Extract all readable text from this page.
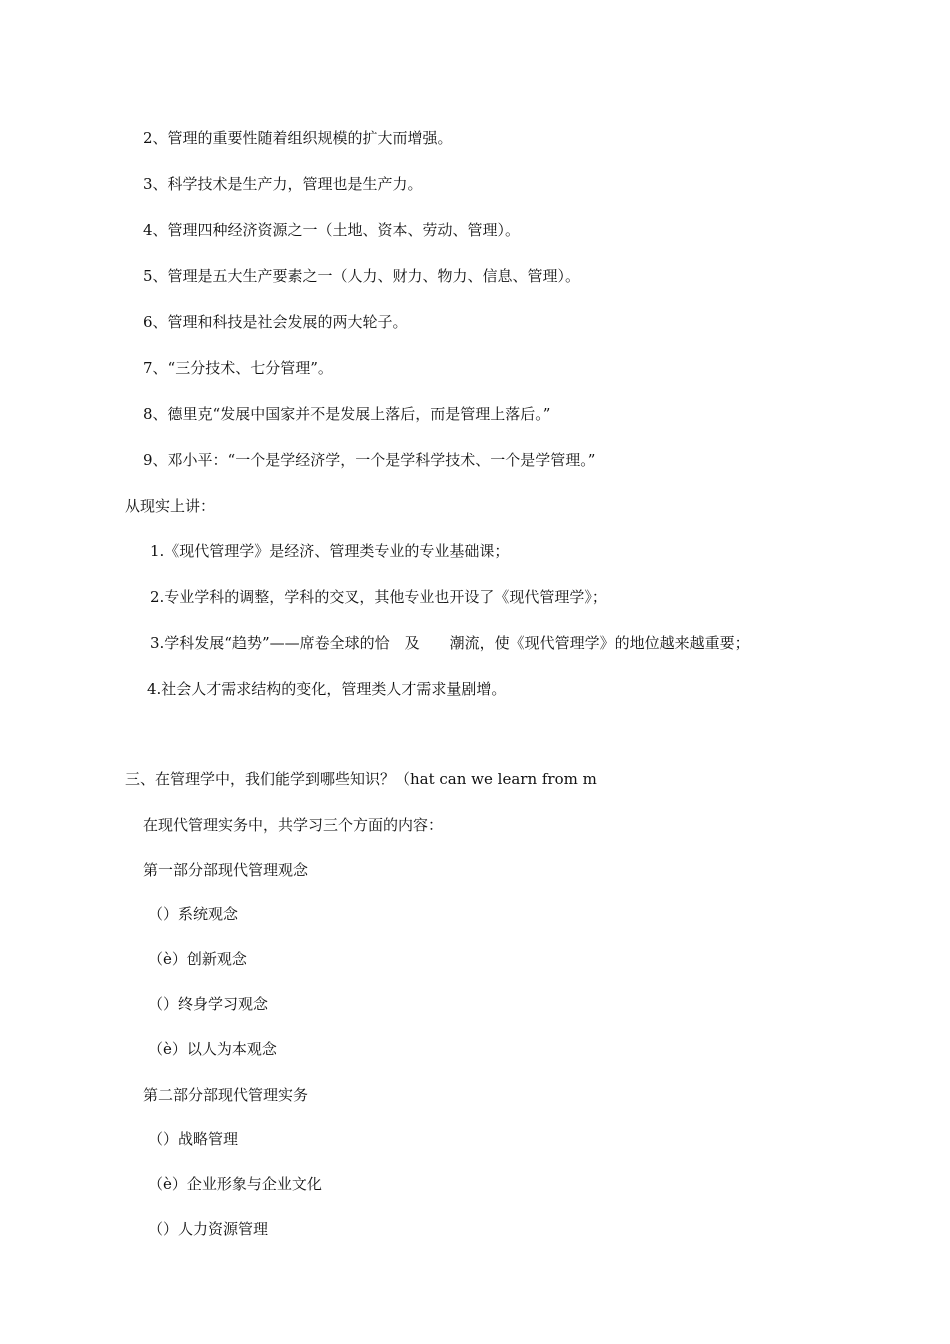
2、管理的重要性随着组织规模的扩大而增强。
3、科学技术是生产力，管理也是生产力。
4、管理四种经济资源之一（土地、资本、劳动、管理）。
5、管理是五大生产要素之一（人力、财力、物力、信息、管理）。
6、管理和科技是社会发展的两大轮子。
7、“三分技术、七分管理”。
8、德里克“发展中国家并不是发展上落后，而是管理上落后。”
9、邓小平：“一个是学经济学，一个是学科学技术、一个是学管理。”
从现实上讲：
1.《现代管理学》是经济、管理类专业的专业基础课；
2.专业学科的调整，学科的交叉，其他专业也开设了《现代管理学》；
3.学科发展“趋势”——席卷全球的恰　及　　潮流，使《现代管理学》的地位越来越重要；
4.社会人才需求结构的变化，管理类人才需求量剧增。
三、在管理学中，我们能学到哪些知识？（hat can we learn from m
在现代管理实务中，共学习三个方面的内容：
第一部分部现代管理观念
（）系统观念
（è）创新观念
（）终身学习观念
（è）以人为本观念
第二部分部现代管理实务
（）战略管理
（è）企业形象与企业文化
（）人力资源管理
